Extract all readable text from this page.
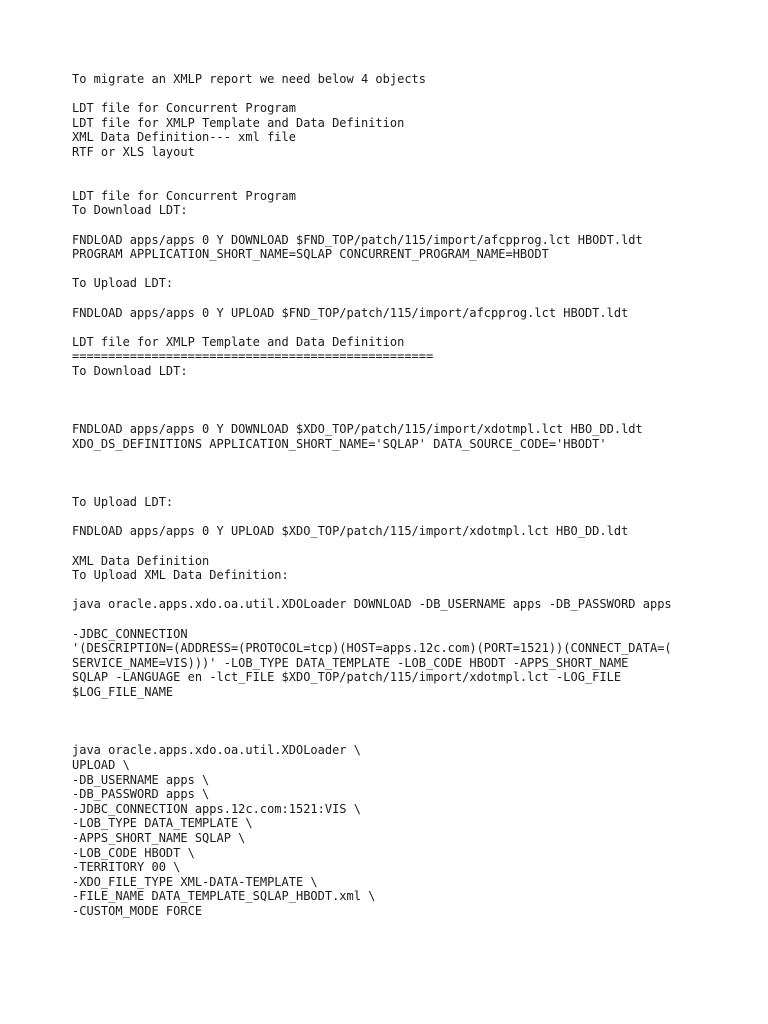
To migrate an XMLP report we need below 4 objects
LDT file for Concurrent Program
LDT file for XMLP Template and Data Definition
XML Data Definition--- xml file
RTF or XLS layout
LDT file for Concurrent Program
To Download LDT:
FNDLOAD apps/apps 0 Y DOWNLOAD $FND_TOP/patch/115/import/afcpprog.lct HBODT.ldt
PROGRAM APPLICATION_SHORT_NAME=SQLAP CONCURRENT_PROGRAM_NAME=HBODT
To Upload LDT:
FNDLOAD apps/apps 0 Y UPLOAD $FND_TOP/patch/115/import/afcpprog.lct HBODT.ldt
LDT file for XMLP Template and Data Definition
==================================================
To Download LDT:
FNDLOAD apps/apps 0 Y DOWNLOAD $XDO_TOP/patch/115/import/xdotmpl.lct HBO_DD.ldt
XDO_DS_DEFINITIONS APPLICATION_SHORT_NAME='SQLAP' DATA_SOURCE_CODE='HBODT'
To Upload LDT:
FNDLOAD apps/apps 0 Y UPLOAD $XDO_TOP/patch/115/import/xdotmpl.lct HBO_DD.ldt
XML Data Definition
To Upload XML Data Definition:
java oracle.apps.xdo.oa.util.XDOLoader DOWNLOAD -DB_USERNAME apps -DB_PASSWORD apps
-JDBC_CONNECTION
'(DESCRIPTION=(ADDRESS=(PROTOCOL=tcp)(HOST=apps.12c.com)(PORT=1521))(CONNECT_DATA=(
SERVICE_NAME=VIS)))' -LOB_TYPE DATA_TEMPLATE -LOB_CODE HBODT -APPS_SHORT_NAME
SQLAP -LANGUAGE en -lct_FILE $XDO_TOP/patch/115/import/xdotmpl.lct -LOG_FILE
$LOG_FILE_NAME
java oracle.apps.xdo.oa.util.XDOLoader \
UPLOAD \
-DB_USERNAME apps \
-DB_PASSWORD apps \
-JDBC_CONNECTION apps.12c.com:1521:VIS \
-LOB_TYPE DATA_TEMPLATE \
-APPS_SHORT_NAME SQLAP \
-LOB_CODE HBODT \
-TERRITORY 00 \
-XDO_FILE_TYPE XML-DATA-TEMPLATE \
-FILE_NAME DATA_TEMPLATE_SQLAP_HBODT.xml \
-CUSTOM_MODE FORCE
